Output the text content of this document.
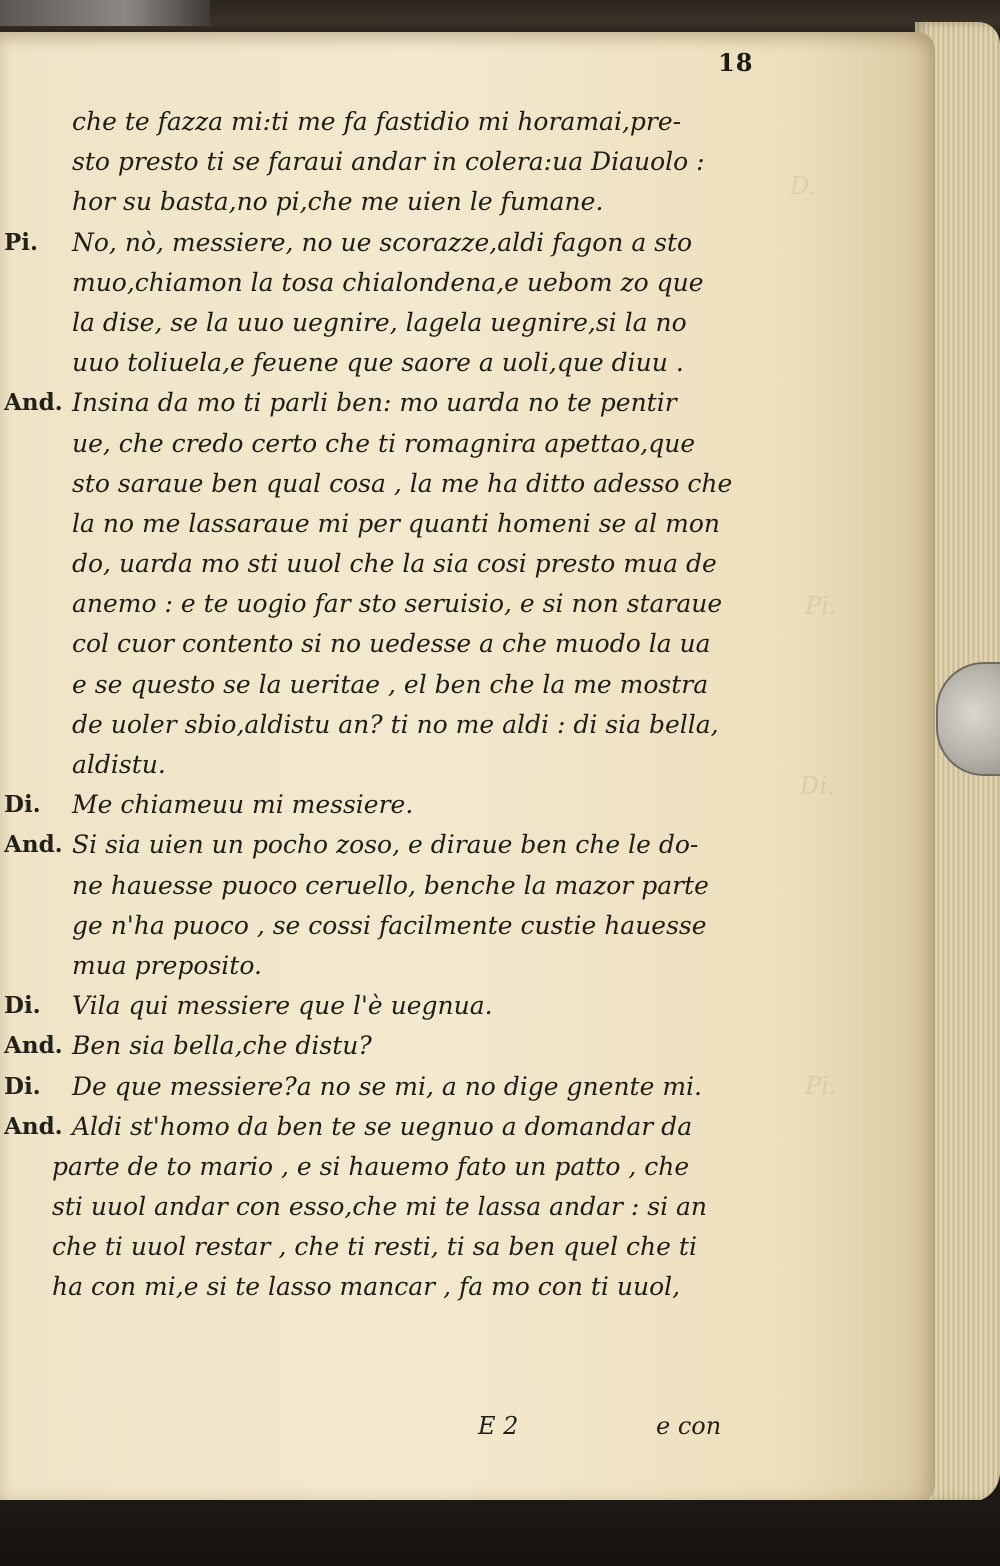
D.
Pi.
Di.
Pi.
18
che te fazza mi:ti me fa fastidio mi horamai,pre-
sto presto ti se faraui andar in colera:ua Diauolo :
hor su basta,no pi,che me uien le fumane.
Pi.	No, nò, messiere, no ue scorazze,aldi fagon a sto
muo,chiamon la tosa chialondena,e uebom zo que
la dise, se la uuo uegnire, lagela uegnire,si la no
uuo toliuela,e feuene que saore a uoli,que diuu .
And. Insina da mo ti parli ben: mo uarda no te pentir
ue, che credo certo che ti romagnira apettao,que
sto saraue ben qual cosa , la me ha ditto adesso che
la no me lassaraue mi per quanti homeni se al mon
do, uarda mo sti uuol che la sia cosi presto mua de
anemo : e te uogio far sto seruisio, e si non staraue
col cuor contento si no uedesse a che muodo la ua
e se questo se la ueritae , el ben che la me mostra
de uoler sbio,aldistu an? ti no me aldi : di sia bella,
aldistu.
Di.	Me chiameuu mi messiere.
And. Si sia uien un pocho zoso, e diraue ben che le do-
ne hauesse puoco ceruello, benche la mazor parte
ge n'ha puoco , se cossi facilmente custie hauesse
mua preposito.
Di.	Vila qui messiere que l'è uegnua.
And. Ben sia bella,che distu?
Di.	De que messiere?a no se mi, a no dige gnente mi.
And. Aldi st'homo da ben te se uegnuo a domandar da
parte de to mario , e si hauemo fato un patto , che
sti uuol andar con esso,che mi te lassa andar : si an
che ti uuol restar , che ti resti, ti sa ben quel che ti
ha con mi,e si te lasso mancar , fa mo con ti uuol,
E 2	e con
